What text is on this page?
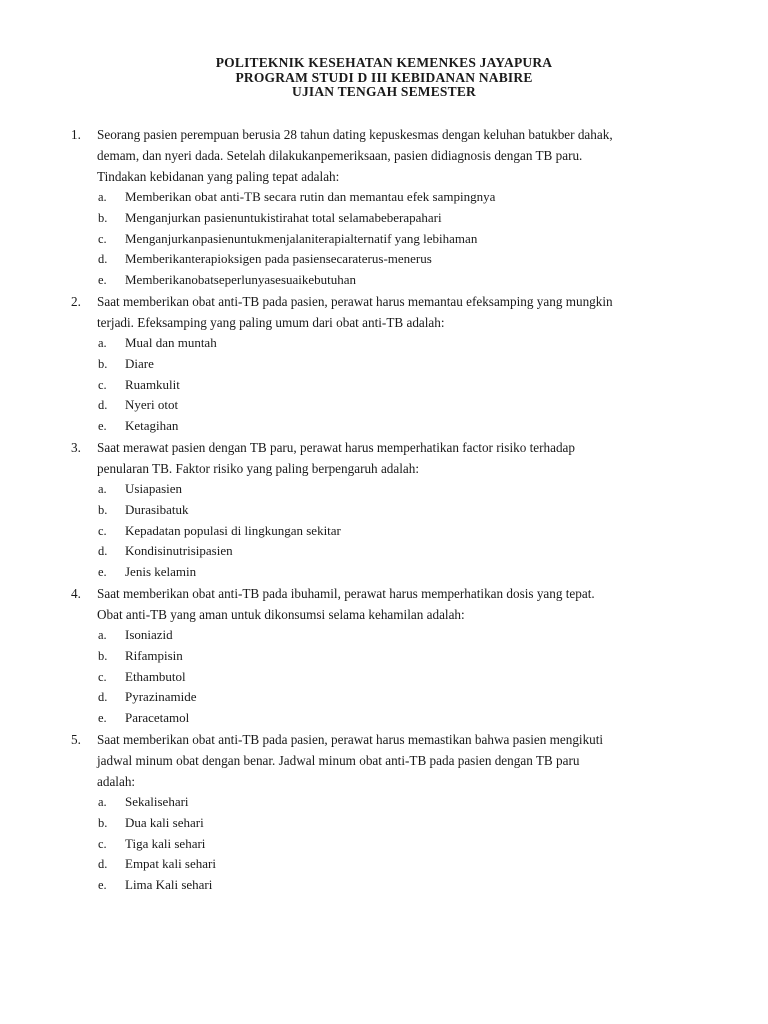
POLITEKNIK KESEHATAN KEMENKES JAYAPURA
PROGRAM STUDI D III KEBIDANAN NABIRE
UJIAN TENGAH SEMESTER
1. Seorang pasien perempuan berusia 28 tahun dating kepuskesmas dengan keluhan batukber dahak,
demam, dan nyeri dada. Setelah dilakukanpemeriksaan, pasien didiagnosis dengan TB paru.
Tindakan kebidanan yang paling tepat adalah:
a. Memberikan obat anti-TB secara rutin dan memantau efek sampingnya
b. Menganjurkan pasienuntukistirahat total selamabeberapahari
c. Menganjurkanpasienuntukmenjalaniterapialternatif yang lebihaman
d. Memberikanterapioksigen pada pasiensecaraterus-menerus
e. Memberikanobatseperlunyasesuaikebutuhan
2. Saat memberikan obat anti-TB pada pasien, perawat harus memantau efeksamping yang mungkin
terjadi. Efeksamping yang paling umum dari obat anti-TB adalah:
a. Mual dan muntah
b. Diare
c. Ruamkulit
d. Nyeri otot
e. Ketagihan
3. Saat merawat pasien dengan TB paru, perawat harus memperhatikan factor risiko terhadap
penularan TB. Faktor risiko yang paling berpengaruh adalah:
a. Usiapasien
b. Durasibatuk
c. Kepadatan populasi di lingkungan sekitar
d. Kondisinutrisipasien
e. Jenis kelamin
4. Saat memberikan obat anti-TB pada ibuhamil, perawat harus memperhatikan dosis yang tepat.
Obat anti-TB yang aman untuk dikonsumsi selama kehamilan adalah:
a. Isoniazid
b. Rifampisin
c. Ethambutol
d. Pyrazinamide
e. Paracetamol
5. Saat memberikan obat anti-TB pada pasien, perawat harus memastikan bahwa pasien mengikuti
jadwal minum obat dengan benar. Jadwal minum obat anti-TB pada pasien dengan TB paru
adalah:
a. Sekalisehari
b. Dua kali sehari
c. Tiga kali sehari
d. Empat kali sehari
e. Lima Kali sehari
